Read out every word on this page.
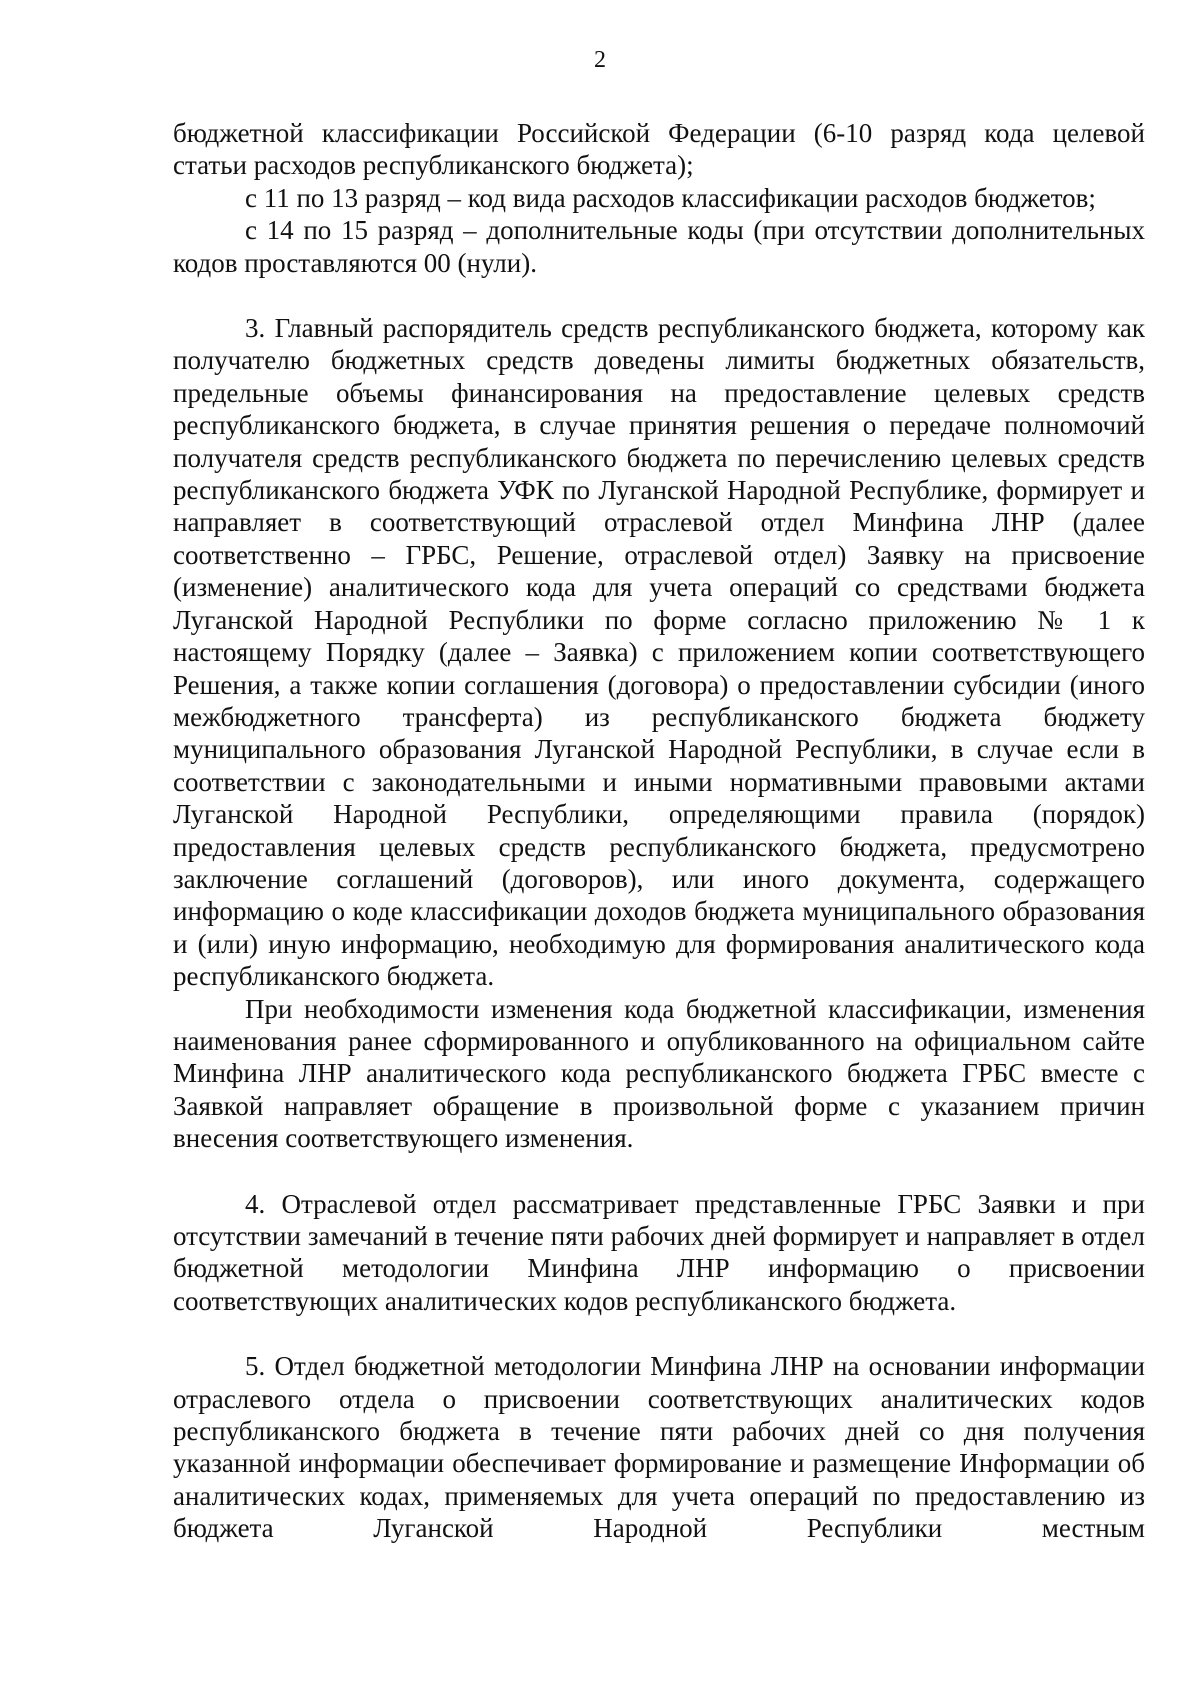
2

бюджетной классификации Российской Федерации (6-10 разряд кода целевой статьи расходов республиканского бюджета);

с 11 по 13 разряд – код вида расходов классификации расходов бюджетов;

с 14 по 15 разряд – дополнительные коды (при отсутствии дополнительных кодов проставляются 00 (нули).

3. Главный распорядитель средств республиканского бюджета, которому как получателю бюджетных средств доведены лимиты бюджетных обязательств, предельные объемы финансирования на предоставление целевых средств республиканского бюджета, в случае принятия решения о передаче полномочий получателя средств республиканского бюджета по перечислению целевых средств республиканского бюджета УФК по Луганской Народной Республике, формирует и направляет в соответствующий отраслевой отдел Минфина ЛНР (далее соответственно – ГРБС, Решение, отраслевой отдел) Заявку на присвоение (изменение) аналитического кода для учета операций со средствами бюджета Луганской Народной Республики по форме согласно приложению № 1 к настоящему Порядку (далее – Заявка) с приложением копии соответствующего Решения, а также копии соглашения (договора) о предоставлении субсидии (иного межбюджетного трансферта) из республиканского бюджета бюджету муниципального образования Луганской Народной Республики, в случае если в соответствии с законодательными и иными нормативными правовыми актами Луганской Народной Республики, определяющими правила (порядок) предоставления целевых средств республиканского бюджета, предусмотрено заключение соглашений (договоров), или иного документа, содержащего информацию о коде классификации доходов бюджета муниципального образования и (или) иную информацию, необходимую для формирования аналитического кода республиканского бюджета.

При необходимости изменения кода бюджетной классификации, изменения наименования ранее сформированного и опубликованного на официальном сайте Минфина ЛНР аналитического кода республиканского бюджета ГРБС вместе с Заявкой направляет обращение в произвольной форме с указанием причин внесения соответствующего изменения.

4. Отраслевой отдел рассматривает представленные ГРБС Заявки и при отсутствии замечаний в течение пяти рабочих дней формирует и направляет в отдел бюджетной методологии Минфина ЛНР информацию о присвоении соответствующих аналитических кодов республиканского бюджета.

5. Отдел бюджетной методологии Минфина ЛНР на основании информации отраслевого отдела о присвоении соответствующих аналитических кодов республиканского бюджета в течение пяти рабочих дней со дня получения указанной информации обеспечивает формирование и размещение Информации об аналитических кодах, применяемых для учета операций по предоставлению из бюджета Луганской Народной Республики местным
